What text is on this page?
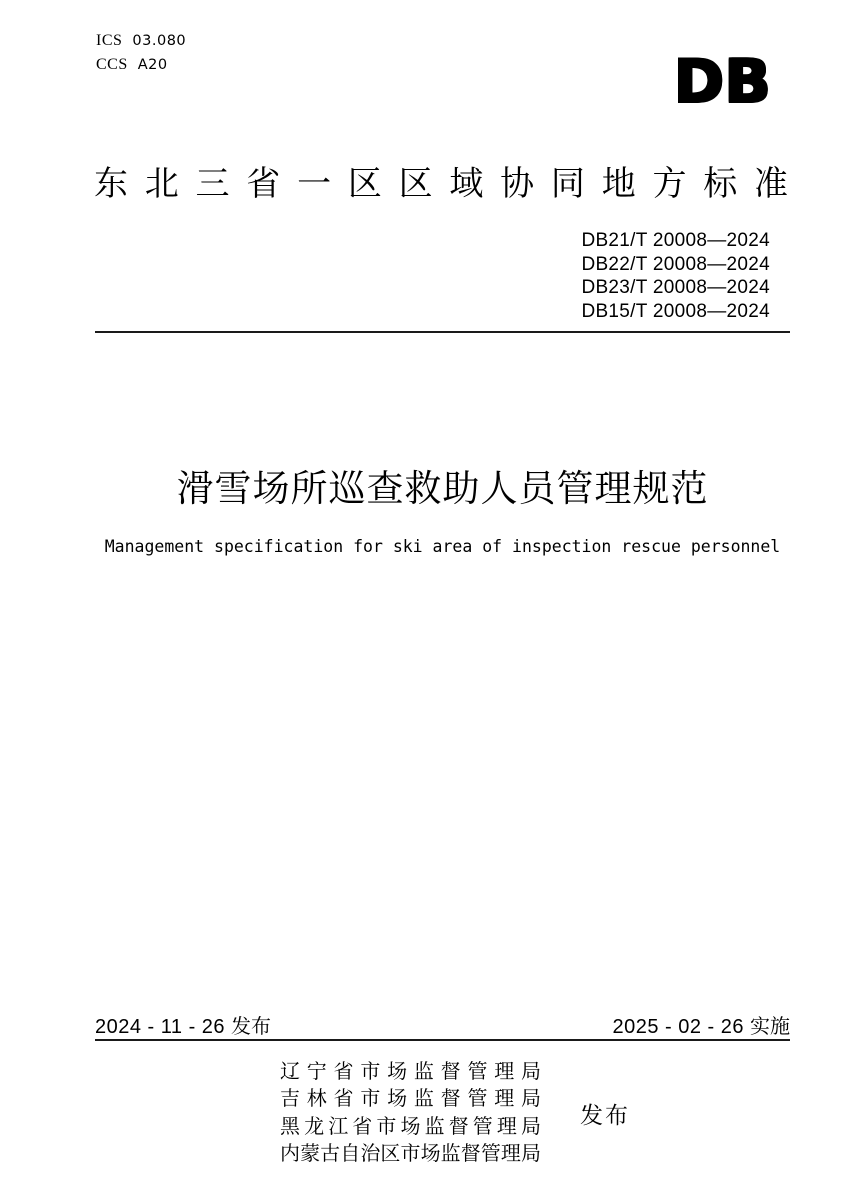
ICS 03.080
CCS A20	DB
东北三省一区区域协同地方标准
DB21/T 20008—2024
DB22/T 20008—2024
DB23/T 20008—2024
DB15/T 20008—2024
滑雪场所巡查救助人员管理规范
Management specification for ski area of inspection rescue personnel
2024 - 11 - 26 发布	2025 - 02 - 26 实施
辽宁省市场监督管理局
吉林省市场监督管理局
黑龙江省市场监督管理局
内蒙古自治区市场监督管理局
发布
